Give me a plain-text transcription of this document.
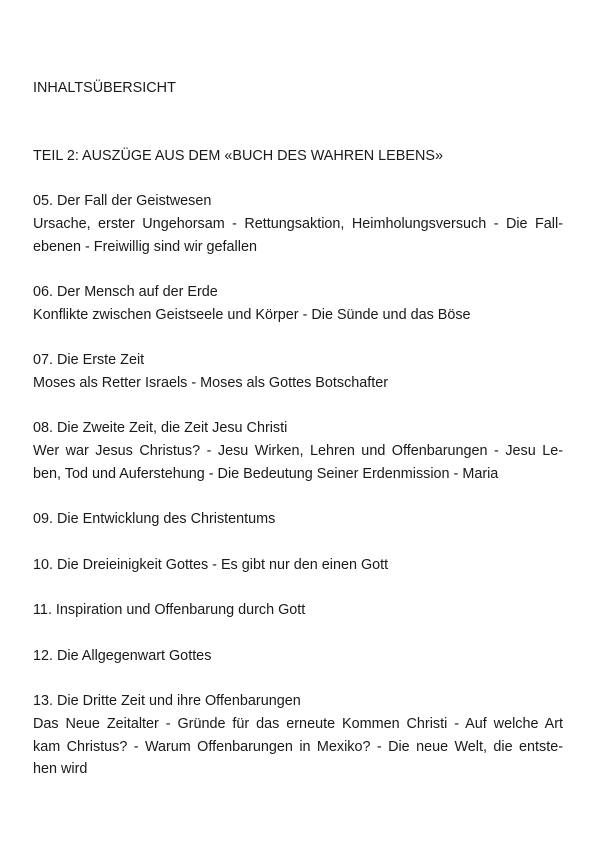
INHALTSÜBERSICHT
TEIL 2: AUSZÜGE AUS DEM «BUCH DES WAHREN LEBENS»
05. Der Fall der Geistwesen
Ursache, erster Ungehorsam - Rettungsaktion, Heimholungsversuch - Die Fall-
ebenen - Freiwillig sind wir gefallen
06. Der Mensch auf der Erde
Konflikte zwischen Geistseele und Körper - Die Sünde und das Böse
07. Die Erste Zeit
Moses als Retter Israels - Moses als Gottes Botschafter
08. Die Zweite Zeit, die Zeit Jesu Christi
Wer war Jesus Christus? - Jesu Wirken, Lehren und Offenbarungen - Jesu Le-
ben, Tod und Auferstehung - Die Bedeutung Seiner Erdenmission - Maria
09. Die Entwicklung des Christentums
10. Die Dreieinigkeit Gottes - Es gibt nur den einen Gott
11. Inspiration und Offenbarung durch Gott
12. Die Allgegenwart Gottes
13. Die Dritte Zeit und ihre Offenbarungen
Das Neue Zeitalter - Gründe für das erneute Kommen Christi - Auf welche Art
kam Christus? - Warum Offenbarungen in Mexiko? - Die neue Welt, die entste-
hen wird
